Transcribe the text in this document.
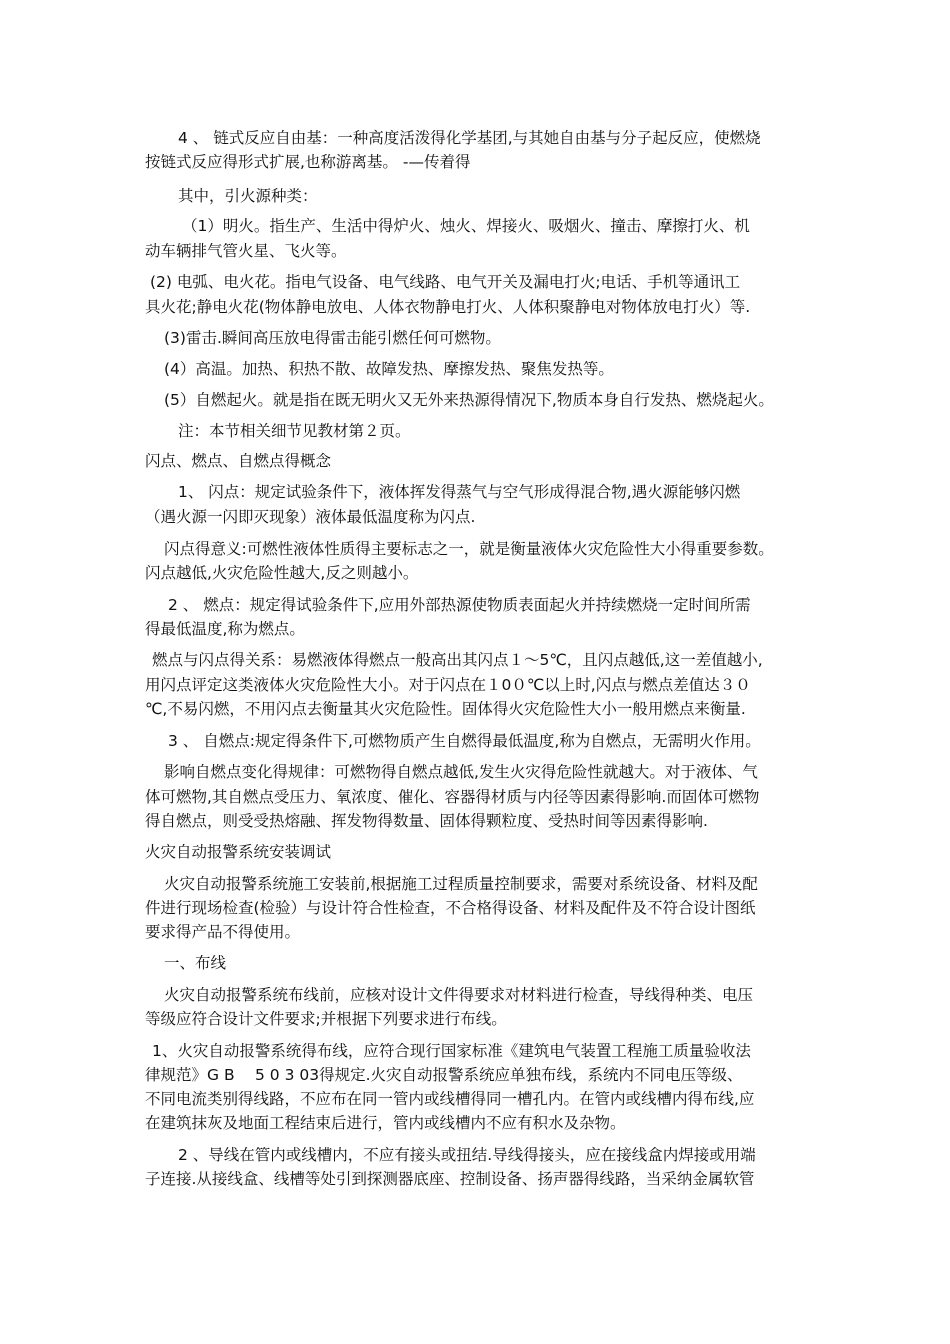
4 、 链式反应自由基：一种高度活泼得化学基团,与其她自由基与分子起反应，使燃烧
按链式反应得形式扩展,也称游离基。 -—传着得
其中，引火源种类：
（1）明火。指生产、生活中得炉火、烛火、焊接火、吸烟火、撞击、摩擦打火、机
动车辆排气管火星、飞火等。
(2) 电弧、电火花。指电气设备、电气线路、电气开关及漏电打火;电话、手机等通讯工
具火花;静电火花(物体静电放电、人体衣物静电打火、人体积聚静电对物体放电打火）等.
(3)雷击.瞬间高压放电得雷击能引燃任何可燃物。
(4）高温。加热、积热不散、故障发热、摩擦发热、聚焦发热等。
(5）自燃起火。就是指在既无明火又无外来热源得情况下,物质本身自行发热、燃烧起火。
注：本节相关细节见教材第２页。
闪点、燃点、自燃点得概念
1、 闪点：规定试验条件下，液体挥发得蒸气与空气形成得混合物,遇火源能够闪燃
（遇火源一闪即灭现象）液体最低温度称为闪点.
闪点得意义:可燃性液体性质得主要标志之一，就是衡量液体火灾危险性大小得重要参数。
闪点越低,火灾危险性越大,反之则越小。
2 、 燃点：规定得试验条件下,应用外部热源使物质表面起火并持续燃烧一定时间所需
得最低温度,称为燃点。
燃点与闪点得关系：易燃液体得燃点一般高出其闪点１～5℃，且闪点越低,这一差值越小,
用闪点评定这类液体火灾危险性大小。对于闪点在１0０℃以上时,闪点与燃点差值达３０
℃,不易闪燃，不用闪点去衡量其火灾危险性。固体得火灾危险性大小一般用燃点来衡量.
3 、 自燃点:规定得条件下,可燃物质产生自燃得最低温度,称为自燃点，无需明火作用。
影响自燃点变化得规律：可燃物得自燃点越低,发生火灾得危险性就越大。对于液体、气
体可燃物,其自燃点受压力、氧浓度、催化、容器得材质与内径等因素得影响.而固体可燃物
得自燃点，则受受热熔融、挥发物得数量、固体得颗粒度、受热时间等因素得影响.
火灾自动报警系统安装调试
火灾自动报警系统施工安装前,根据施工过程质量控制要求，需要对系统设备、材料及配
件进行现场检查(检验）与设计符合性检查，不合格得设备、材料及配件及不符合设计图纸
要求得产品不得使用。
一、布线
火灾自动报警系统布线前，应核对设计文件得要求对材料进行检查，导线得种类、电压
等级应符合设计文件要求;并根据下列要求进行布线。
1、火灾自动报警系统得布线，应符合现行国家标准《建筑电气装置工程施工质量验收法
律规范》G B　 5 0 3 03得规定.火灾自动报警系统应单独布线，系统内不同电压等级、
不同电流类别得线路，不应布在同一管内或线槽得同一槽孔内。在管内或线槽内得布线,应
在建筑抹灰及地面工程结束后进行，管内或线槽内不应有积水及杂物。
2 、导线在管内或线槽内，不应有接头或扭结.导线得接头，应在接线盒内焊接或用端
子连接.从接线盒、线槽等处引到探测器底座、控制设备、扬声器得线路，当采纳金属软管
